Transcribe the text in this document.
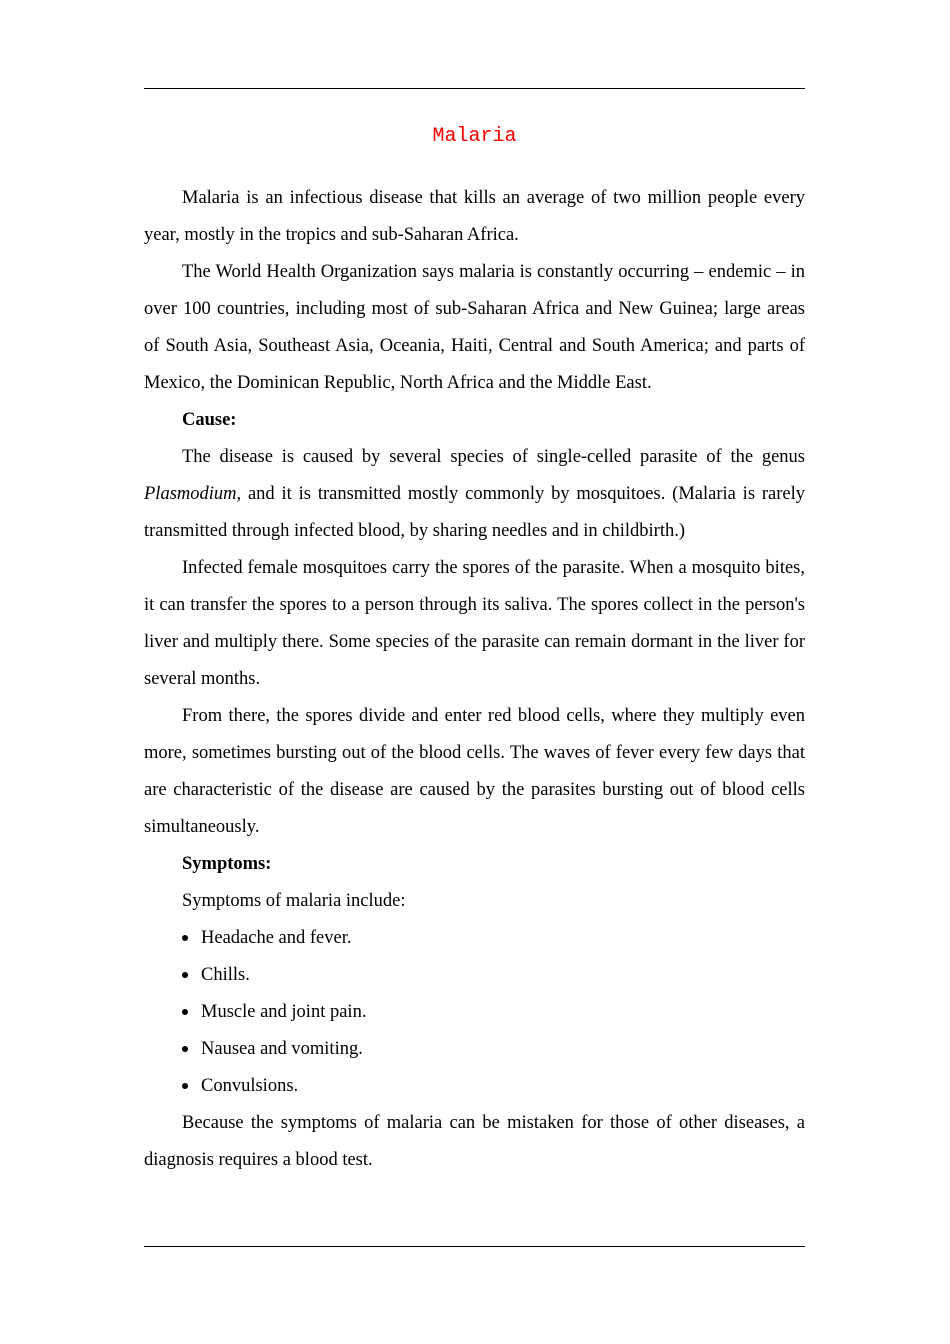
Malaria

Malaria is an infectious disease that kills an average of two million people every year, mostly in the tropics and sub-Saharan Africa.

The World Health Organization says malaria is constantly occurring – endemic – in over 100 countries, including most of sub-Saharan Africa and New Guinea; large areas of South Asia, Southeast Asia, Oceania, Haiti, Central and South America; and parts of Mexico, the Dominican Republic, North Africa and the Middle East.

Cause:

The disease is caused by several species of single-celled parasite of the genus Plasmodium, and it is transmitted mostly commonly by mosquitoes. (Malaria is rarely transmitted through infected blood, by sharing needles and in childbirth.)

Infected female mosquitoes carry the spores of the parasite. When a mosquito bites, it can transfer the spores to a person through its saliva. The spores collect in the person's liver and multiply there. Some species of the parasite can remain dormant in the liver for several months.

From there, the spores divide and enter red blood cells, where they multiply even more, sometimes bursting out of the blood cells. The waves of fever every few days that are characteristic of the disease are caused by the parasites bursting out of blood cells simultaneously.

Symptoms:
Symptoms of malaria include:
Headache and fever.
Chills.
Muscle and joint pain.
Nausea and vomiting.
Convulsions.

Because the symptoms of malaria can be mistaken for those of other diseases, a diagnosis requires a blood test.
